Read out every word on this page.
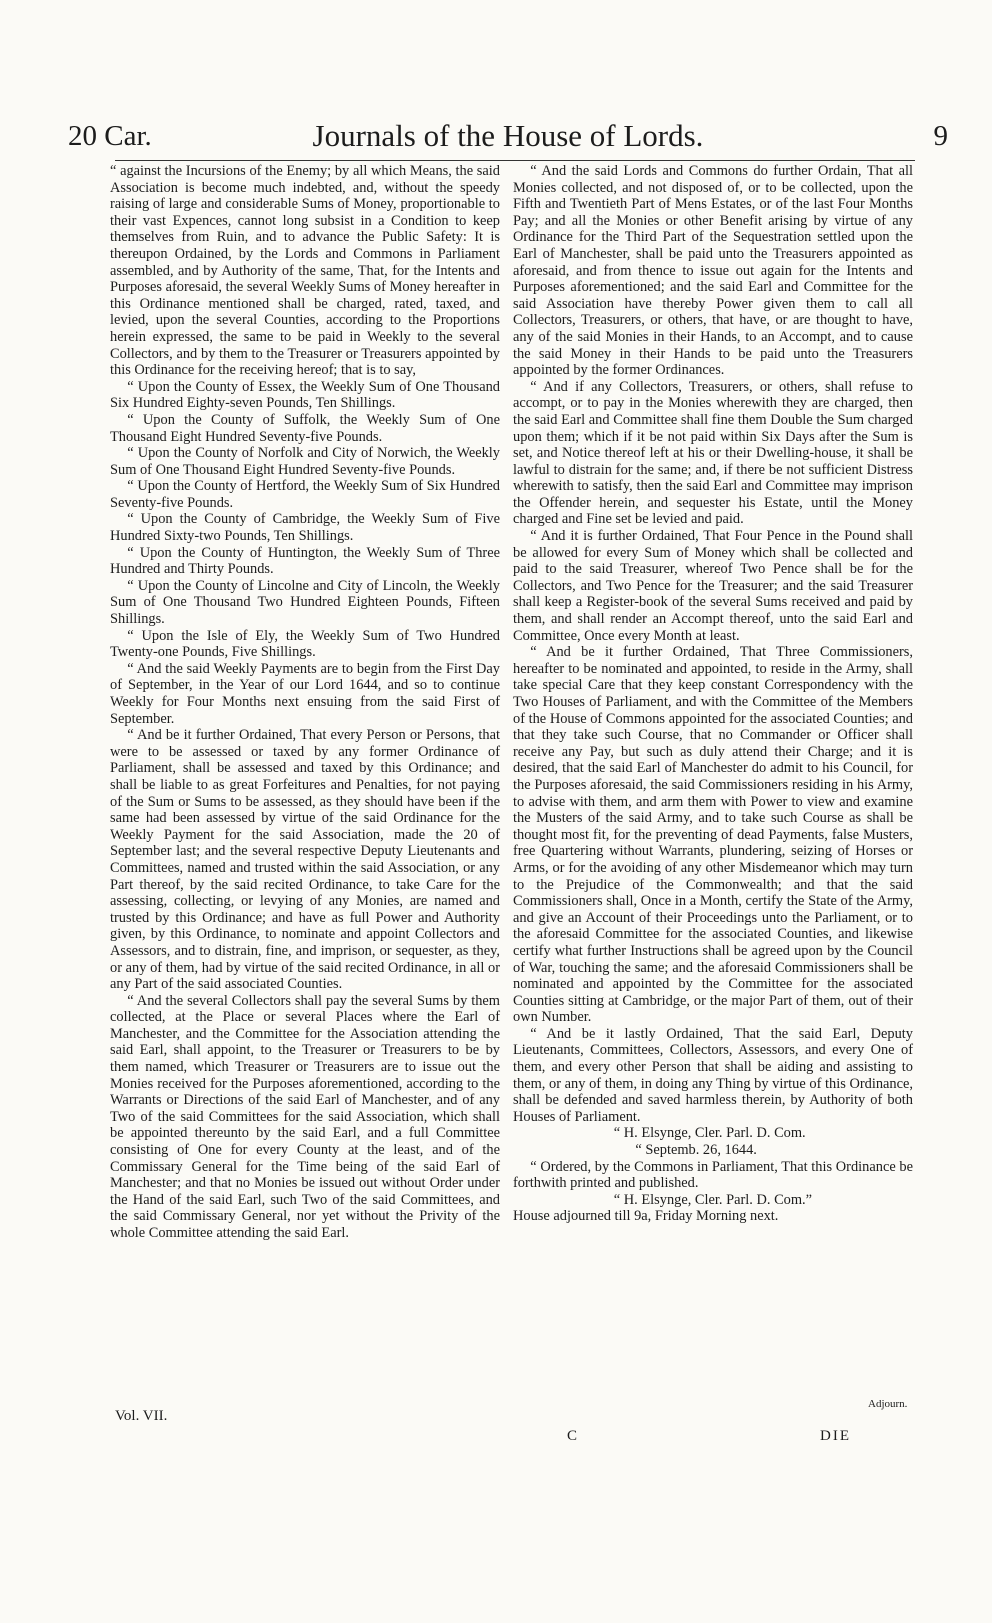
20 Car.	Journals of the House of Lords.	9

“ against the Incursions of the Enemy; by all which Means, the said Association is become much indebted, and, without the speedy raising of large and considerable Sums of Money, proportionable to their vast Expences, cannot long subsist in a Condition to keep themselves from Ruin, and to advance the Public Safety: It is thereupon Ordained, by the Lords and Commons in Parliament assembled, and by Authority of the same, That, for the Intents and Purposes aforesaid, the several Weekly Sums of Money hereafter in this Ordinance mentioned shall be charged, rated, taxed, and levied, upon the several Counties, according to the Proportions herein expressed, the same to be paid in Weekly to the several Collectors, and by them to the Treasurer or Treasurers appointed by this Ordinance for the receiving hereof; that is to say,

“ Upon the County of Essex, the Weekly Sum of One Thousand Six Hundred Eighty-seven Pounds, Ten Shillings.

“ Upon the County of Suffolk, the Weekly Sum of One Thousand Eight Hundred Seventy-five Pounds.

“ Upon the County of Norfolk and City of Norwich, the Weekly Sum of One Thousand Eight Hundred Seventy-five Pounds.

“ Upon the County of Hertford, the Weekly Sum of Six Hundred Seventy-five Pounds.

“ Upon the County of Cambridge, the Weekly Sum of Five Hundred Sixty-two Pounds, Ten Shillings.

“ Upon the County of Huntington, the Weekly Sum of Three Hundred and Thirty Pounds.

“ Upon the County of Lincolne and City of Lincoln, the Weekly Sum of One Thousand Two Hundred Eighteen Pounds, Fifteen Shillings.

“ Upon the Isle of Ely, the Weekly Sum of Two Hundred Twenty-one Pounds, Five Shillings.

“ And the said Weekly Payments are to begin from the First Day of September, in the Year of our Lord 1644, and so to continue Weekly for Four Months next ensuing from the said First of September.

“ And be it further Ordained, That every Person or Persons, that were to be assessed or taxed by any former Ordinance of Parliament, shall be assessed and taxed by this Ordinance; and shall be liable to as great Forfeitures and Penalties, for not paying of the Sum or Sums to be assessed, as they should have been if the same had been assessed by virtue of the said Ordinance for the Weekly Payment for the said Association, made the 20 of September last; and the several respective Deputy Lieutenants and Committees, named and trusted within the said Association, or any Part thereof, by the said recited Ordinance, to take Care for the assessing, collecting, or levying of any Monies, are named and trusted by this Ordinance; and have as full Power and Authority given, by this Ordinance, to nominate and appoint Collectors and Assessors, and to distrain, fine, and imprison, or sequester, as they, or any of them, had by virtue of the said recited Ordinance, in all or any Part of the said associated Counties.

“ And the several Collectors shall pay the several Sums by them collected, at the Place or several Places where the Earl of Manchester, and the Committee for the Association attending the said Earl, shall appoint, to the Treasurer or Treasurers to be by them named, which Treasurer or Treasurers are to issue out the Monies received for the Purposes aforementioned, according to the Warrants or Directions of the said Earl of Manchester, and of any Two of the said Committees for the said Association, which shall be appointed thereunto by the said Earl, and a full Committee consisting of One for every County at the least, and of the Commissary General for the Time being of the said Earl of Manchester; and that no Monies be issued out without Order under the Hand of the said Earl, such Two of the said Committees, and the said Commissary General, nor yet without the Privity of the whole Committee attending the said Earl.

“ And the said Lords and Commons do further Ordain, That all Monies collected, and not disposed of, or to be collected, upon the Fifth and Twentieth Part of Mens Estates, or of the last Four Months Pay; and all the Monies or other Benefit arising by virtue of any Ordinance for the Third Part of the Sequestration settled upon the Earl of Manchester, shall be paid unto the Treasurers appointed as aforesaid, and from thence to issue out again for the Intents and Purposes aforementioned; and the said Earl and Committee for the said Association have thereby Power given them to call all Collectors, Treasurers, or others, that have, or are thought to have, any of the said Monies in their Hands, to an Accompt, and to cause the said Money in their Hands to be paid unto the Treasurers appointed by the former Ordinances.

“ And if any Collectors, Treasurers, or others, shall refuse to accompt, or to pay in the Monies wherewith they are charged, then the said Earl and Committee shall fine them Double the Sum charged upon them; which if it be not paid within Six Days after the Sum is set, and Notice thereof left at his or their Dwelling-house, it shall be lawful to distrain for the same; and, if there be not sufficient Distress wherewith to satisfy, then the said Earl and Committee may imprison the Offender herein, and sequester his Estate, until the Money charged and Fine set be levied and paid.

“ And it is further Ordained, That Four Pence in the Pound shall be allowed for every Sum of Money which shall be collected and paid to the said Treasurer, whereof Two Pence shall be for the Collectors, and Two Pence for the Treasurer; and the said Treasurer shall keep a Register-book of the several Sums received and paid by them, and shall render an Accompt thereof, unto the said Earl and Committee, Once every Month at least.

“ And be it further Ordained, That Three Commissioners, hereafter to be nominated and appointed, to reside in the Army, shall take special Care that they keep constant Correspondency with the Two Houses of Parliament, and with the Committee of the Members of the House of Commons appointed for the associated Counties; and that they take such Course, that no Commander or Officer shall receive any Pay, but such as duly attend their Charge; and it is desired, that the said Earl of Manchester do admit to his Council, for the Purposes aforesaid, the said Commissioners residing in his Army, to advise with them, and arm them with Power to view and examine the Musters of the said Army, and to take such Course as shall be thought most fit, for the preventing of dead Payments, false Musters, free Quartering without Warrants, plundering, seizing of Horses or Arms, or for the avoiding of any other Misdemeanor which may turn to the Prejudice of the Commonwealth; and that the said Commissioners shall, Once in a Month, certify the State of the Army, and give an Account of their Proceedings unto the Parliament, or to the aforesaid Committee for the associated Counties, and likewise certify what further Instructions shall be agreed upon by the Council of War, touching the same; and the aforesaid Commissioners shall be nominated and appointed by the Committee for the associated Counties sitting at Cambridge, or the major Part of them, out of their own Number.

“ And be it lastly Ordained, That the said Earl, Deputy Lieutenants, Committees, Collectors, Assessors, and every One of them, and every other Person that shall be aiding and assisting to them, or any of them, in doing any Thing by virtue of this Ordinance, shall be defended and saved harmless therein, by Authority of both Houses of Parliament.

“ H. Elsynge, Cler. Parl. D. Com.

“ Septemb. 26, 1644.

“ Ordered, by the Commons in Parliament, That this Ordinance be forthwith printed and published.

“ H. Elsynge, Cler. Parl. D. Com.”

House adjourned till 9a, Friday Morning next.

Adjourn.
Vol. VII.
C	DIE
